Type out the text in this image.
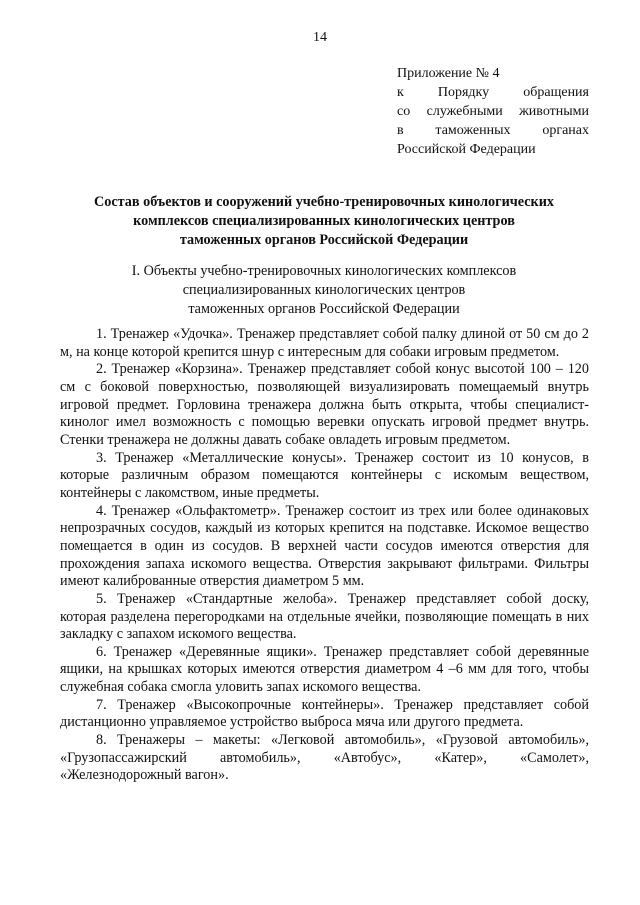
14
Приложение № 4
к Порядку обращения
со служебными животными
в таможенных органах
Российской Федерации
Состав объектов и сооружений учебно-тренировочных кинологических
комплексов специализированных кинологических центров
таможенных органов Российской Федерации
I. Объекты учебно-тренировочных кинологических комплексов
специализированных кинологических центров
таможенных органов Российской Федерации

1. Тренажер «Удочка». Тренажер представляет собой палку длиной от 50 см до 2 м, на конце которой крепится шнур с интересным для собаки игровым предметом.

2. Тренажер «Корзина». Тренажер представляет собой конус высотой 100 – 120 см с боковой поверхностью, позволяющей визуализировать помещаемый внутрь игровой предмет. Горловина тренажера должна быть открыта, чтобы специалист-кинолог имел возможность с помощью веревки опускать игровой предмет внутрь. Стенки тренажера не должны давать собаке овладеть игровым предметом.

3. Тренажер «Металлические конусы». Тренажер состоит из 10 конусов, в которые различным образом помещаются контейнеры с искомым веществом, контейнеры с лакомством, иные предметы.

4. Тренажер «Ольфактометр». Тренажер состоит из трех или более одинаковых непрозрачных сосудов, каждый из которых крепится на подставке. Искомое вещество помещается в один из сосудов. В верхней части сосудов имеются отверстия для прохождения запаха искомого вещества. Отверстия закрывают фильтрами. Фильтры имеют калиброванные отверстия диаметром 5 мм.

5. Тренажер «Стандартные желоба». Тренажер представляет собой доску, которая разделена перегородками на отдельные ячейки, позволяющие помещать в них закладку с запахом искомого вещества.

6. Тренажер «Деревянные ящики». Тренажер представляет собой деревянные ящики, на крышках которых имеются отверстия диаметром 4 –6 мм для того, чтобы служебная собака смогла уловить запах искомого вещества.

7. Тренажер «Высокопрочные контейнеры». Тренажер представляет собой дистанционно управляемое устройство выброса мяча или другого предмета.

8. Тренажеры – макеты: «Легковой автомобиль», «Грузовой автомобиль», «Грузопассажирский автомобиль», «Автобус», «Катер», «Самолет», «Железнодорожный вагон».
